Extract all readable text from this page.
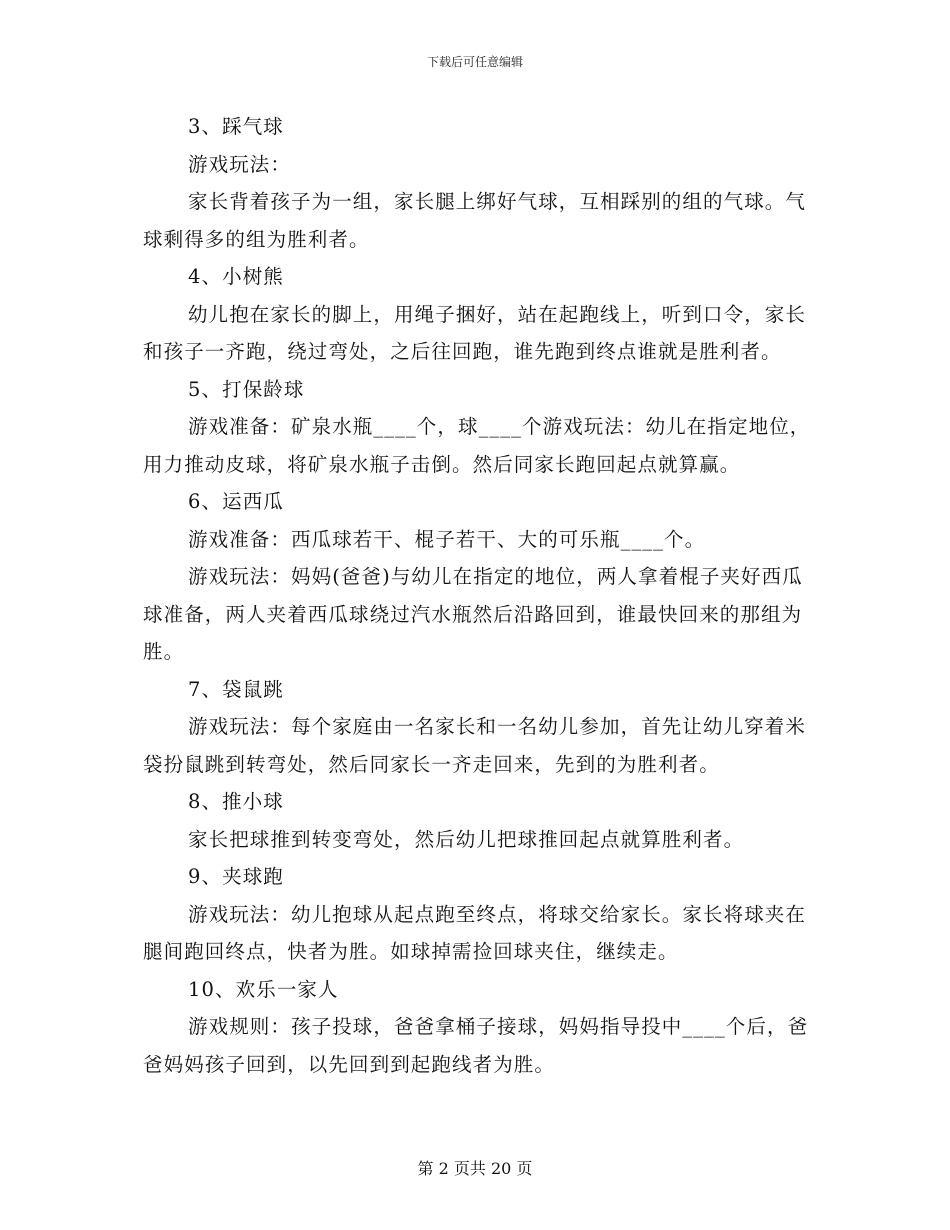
下载后可任意编辑

3、踩气球

游戏玩法：

家长背着孩子为一组，家长腿上绑好气球，互相踩别的组的气球。气球剩得多的组为胜利者。

4、小树熊

幼儿抱在家长的脚上，用绳子捆好，站在起跑线上，听到口令，家长和孩子一齐跑，绕过弯处，之后往回跑，谁先跑到终点谁就是胜利者。

5、打保龄球

游戏准备：矿泉水瓶____个，球____个游戏玩法：幼儿在指定地位，用力推动皮球，将矿泉水瓶子击倒。然后同家长跑回起点就算赢。

6、运西瓜

游戏准备：西瓜球若干、棍子若干、大的可乐瓶____个。

游戏玩法：妈妈(爸爸)与幼儿在指定的地位，两人拿着棍子夹好西瓜球准备，两人夹着西瓜球绕过汽水瓶然后沿路回到，谁最快回来的那组为胜。

7、袋鼠跳

游戏玩法：每个家庭由一名家长和一名幼儿参加，首先让幼儿穿着米袋扮鼠跳到转弯处，然后同家长一齐走回来，先到的为胜利者。

8、推小球

家长把球推到转变弯处，然后幼儿把球推回起点就算胜利者。

9、夹球跑

游戏玩法：幼儿抱球从起点跑至终点，将球交给家长。家长将球夹在腿间跑回终点，快者为胜。如球掉需捡回球夹住，继续走。

10、欢乐一家人

游戏规则：孩子投球，爸爸拿桶子接球，妈妈指导投中____个后，爸爸妈妈孩子回到，以先回到到起跑线者为胜。

第 2 页共 20 页
